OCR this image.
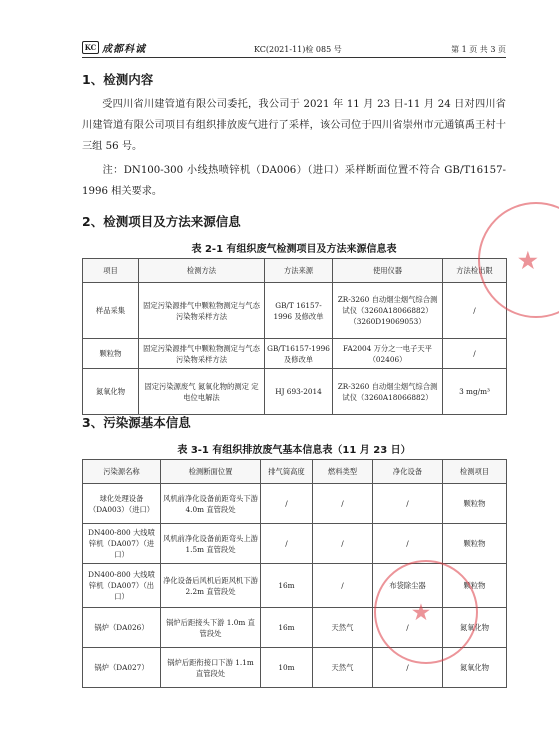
KC 成都科诚	KC(2021-11)检 085 号	第 1 页 共 3 页
1、检测内容
受四川省川建管道有限公司委托，我公司于 2021 年 11 月 23 日-11 月 24 日对四川省川建管道有限公司项目有组织排放废气进行了采样，该公司位于四川省崇州市元通镇禹王村十三组 56 号。
注：DN100-300 小线热喷锌机（DA006）（进口）采样断面位置不符合 GB/T16157-1996 相关要求。
2、检测项目及方法来源信息
表 2-1 有组织废气检测项目及方法来源信息表
项目	检测方法	方法来源	使用仪器	方法检出限
样品采集	固定污染源排气中颗粒物测定与气态污染物采样方法	GB/T 16157-1996 及修改单	ZR-3260 自动烟尘烟气综合测试仪（3260A18066882）（3260D19069053）	/
颗粒物	固定污染源排气中颗粒物测定与气态污染物采样方法	GB/T16157-1996 及修改单	FA2004 万分之一电子天平（02406）	/
氮氧化物	固定污染源废气 氮氧化物的测定 定电位电解法	HJ 693-2014	ZR-3260 自动烟尘烟气综合测试仪（3260A18066882）	3 mg/m³
3、污染源基本信息
表 3-1 有组织排放废气基本信息表（11 月 23 日）
污染源名称	检测断面位置	排气筒高度	燃料类型	净化设备	检测项目
球化处理设备（DA003）（进口）	风机前净化设备前距弯头下游 4.0m 直管段处	/	/	/	颗粒物
DN400-800 大线喷锌机（DA007）（进口）	风机前净化设备前距弯头上游 1.5m 直管段处	/	/	/	颗粒物
DN400-800 大线喷锌机（DA007）（出口）	净化设备后风机后距风机下游 2.2m 直管段处	16m	/	布袋除尘器	颗粒物
锅炉（DA026）	锅炉后距接头下游 1.0m 直管段处	16m	天然气	/	氮氧化物
锅炉（DA027）	锅炉后距衔接口下游 1.1m 直管段处	10m	天然气	/	氮氧化物
★
★
